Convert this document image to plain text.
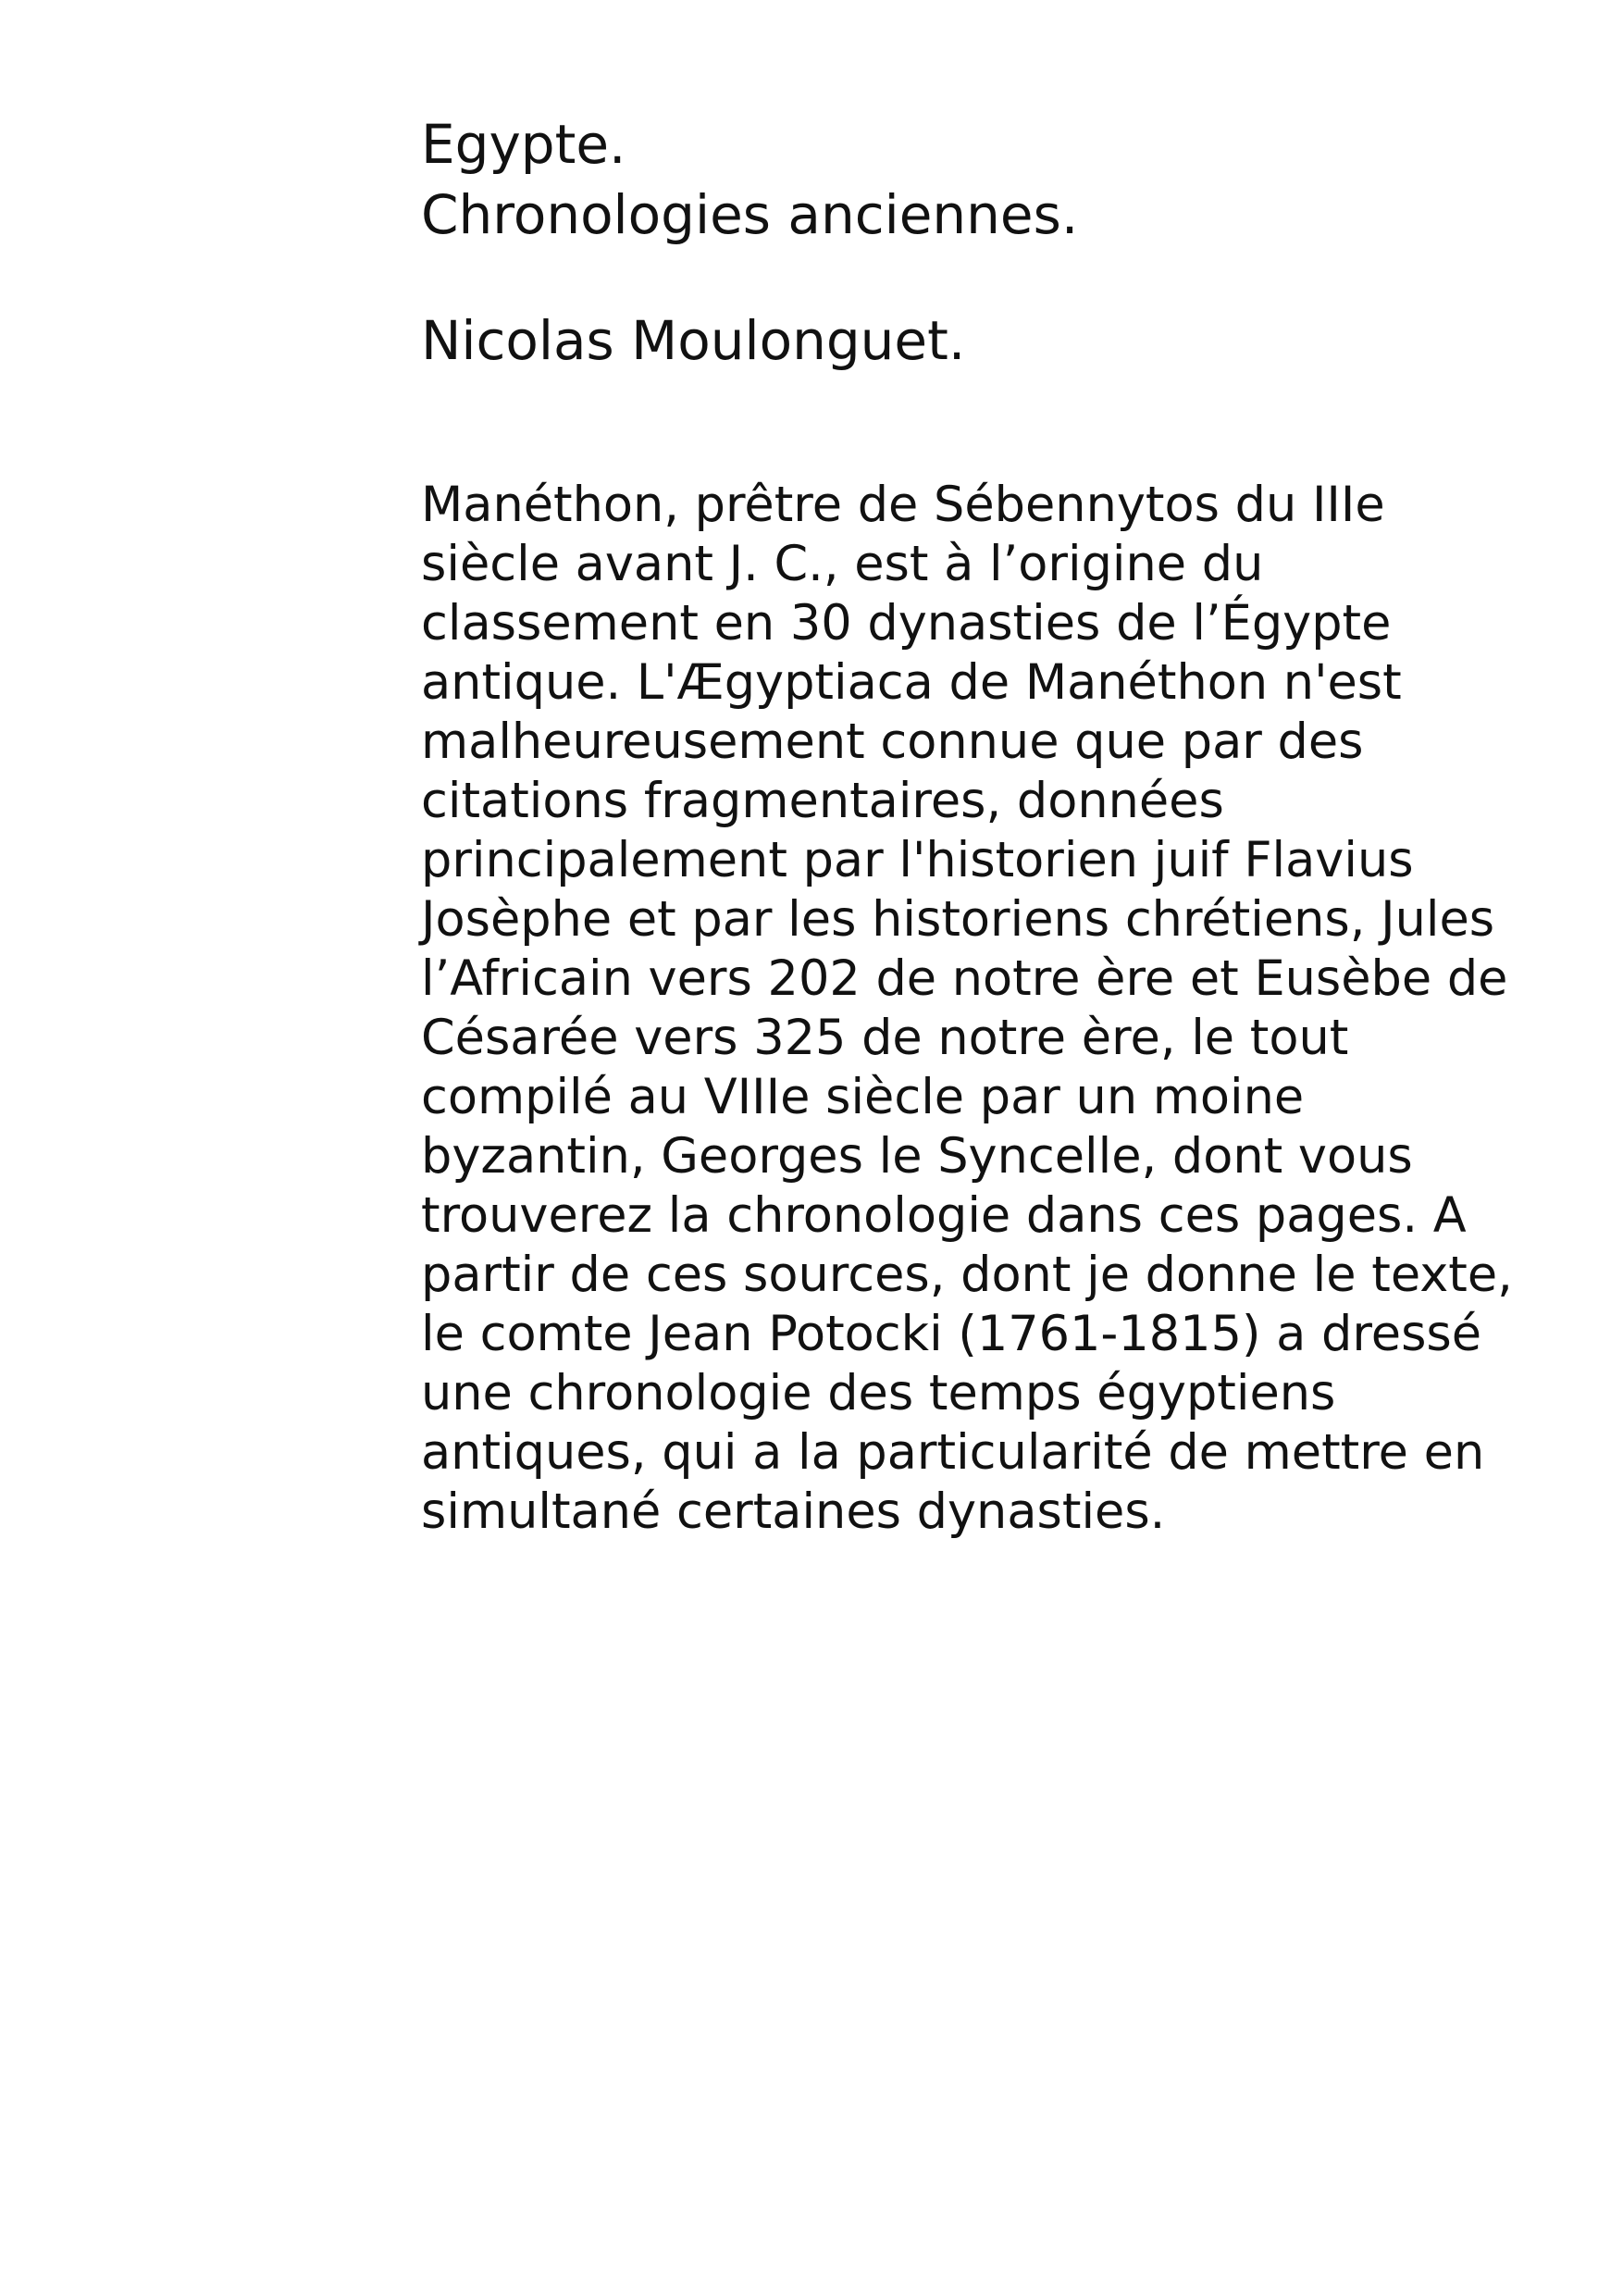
Egypte.
Chronologies anciennes.
Nicolas Moulonguet.

Manéthon, prêtre de Sébennytos du IIIe
siècle avant J. C., est à l’origine du
classement en 30 dynasties de l’Égypte
antique. L'Ægyptiaca de Manéthon n'est
malheureusement connue que par des
citations fragmentaires, données
principalement par l'historien juif Flavius
Josèphe et par les historiens chrétiens, Jules
l’Africain vers 202 de notre ère et Eusèbe de
Césarée vers 325 de notre ère, le tout
compilé au VIIIe siècle par un moine
byzantin, Georges le Syncelle, dont vous
trouverez la chronologie dans ces pages. A
partir de ces sources, dont je donne le texte,
le comte Jean Potocki (1761-1815) a dressé
une chronologie des temps égyptiens
antiques, qui a la particularité de mettre en
simultané certaines dynasties.
